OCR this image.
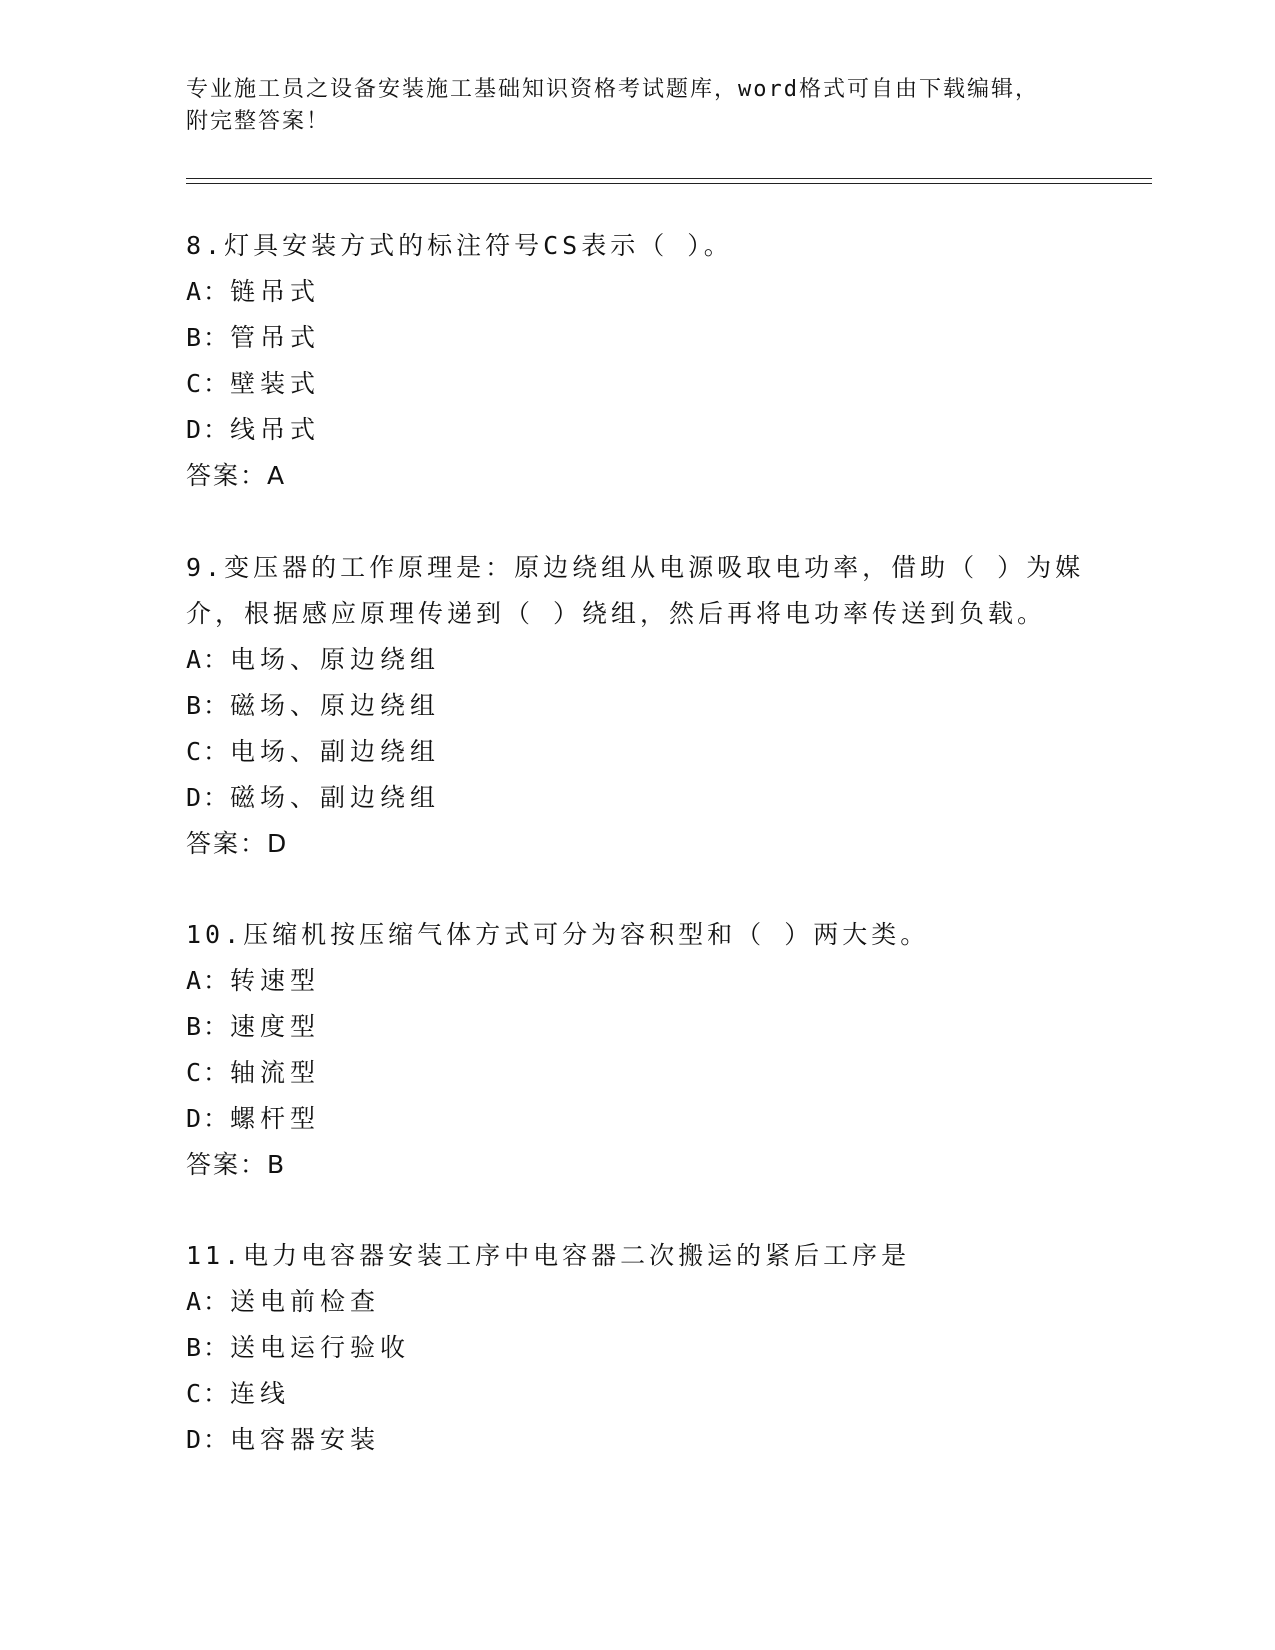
专业施工员之设备安装施工基础知识资格考试题库，word格式可自由下载编辑，
附完整答案！

8.灯具安装方式的标注符号CS表示（ ）。

A：链吊式

B：管吊式

C：壁装式

D：线吊式

答案：A

9.变压器的工作原理是：原边绕组从电源吸取电功率，借助（ ）为媒介，根据感应原理传递到（ ）绕组，然后再将电功率传送到负载。

A：电场、原边绕组

B：磁场、原边绕组

C：电场、副边绕组

D：磁场、副边绕组

答案：D

10.压缩机按压缩气体方式可分为容积型和（ ）两大类。

A：转速型

B：速度型

C：轴流型

D：螺杆型

答案：B

11.电力电容器安装工序中电容器二次搬运的紧后工序是

A：送电前检查

B：送电运行验收

C：连线

D：电容器安装
